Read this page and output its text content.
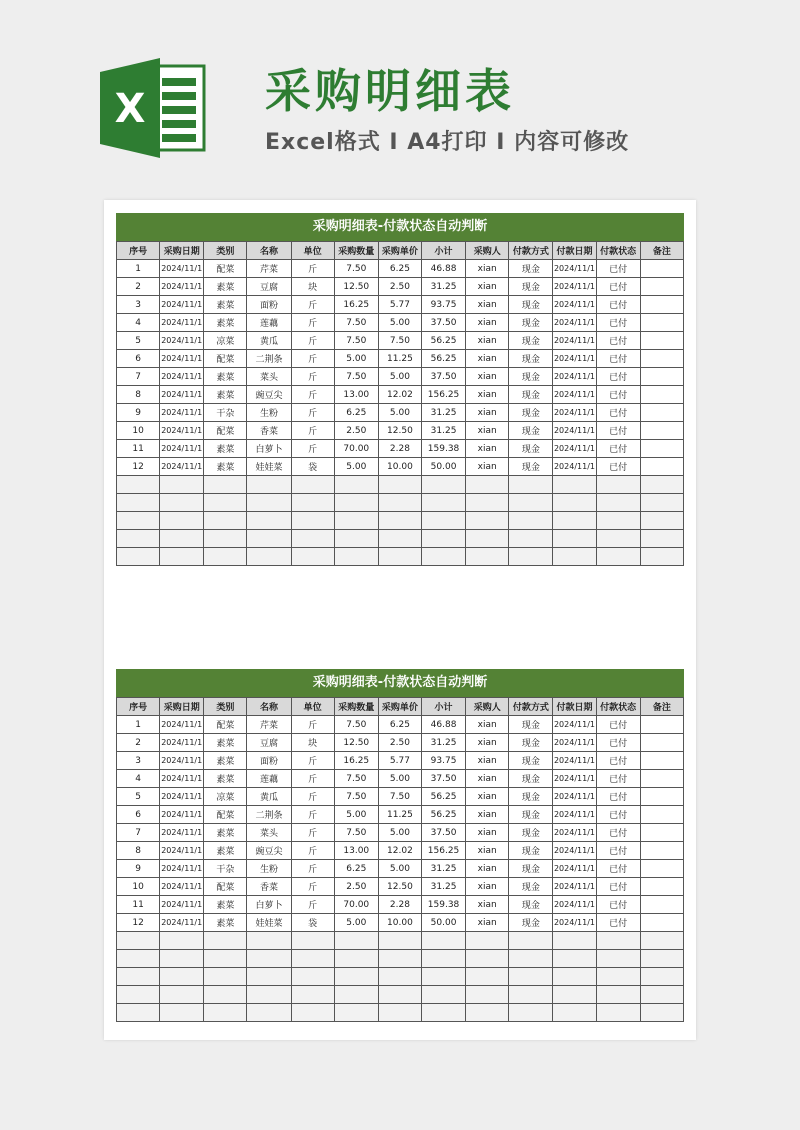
X	采购明细表
Excel格式 I A4打印 I 内容可修改
采购明细表-付款状态自动判断
序号	采购日期	类别	名称	单位	采购数量	采购单价	小计	采购人	付款方式	付款日期	付款状态	备注
1	2024/11/1	配菜	芹菜	斤	7.50	6.25	46.88	xian	现金	2024/11/1	已付	
2	2024/11/1	素菜	豆腐	块	12.50	2.50	31.25	xian	现金	2024/11/1	已付	
3	2024/11/1	素菜	面粉	斤	16.25	5.77	93.75	xian	现金	2024/11/1	已付	
4	2024/11/1	素菜	莲藕	斤	7.50	5.00	37.50	xian	现金	2024/11/1	已付	
5	2024/11/1	凉菜	黄瓜	斤	7.50	7.50	56.25	xian	现金	2024/11/1	已付	
6	2024/11/1	配菜	二荆条	斤	5.00	11.25	56.25	xian	现金	2024/11/1	已付	
7	2024/11/1	素菜	菜头	斤	7.50	5.00	37.50	xian	现金	2024/11/1	已付	
8	2024/11/1	素菜	豌豆尖	斤	13.00	12.02	156.25	xian	现金	2024/11/1	已付	
9	2024/11/1	干杂	生粉	斤	6.25	5.00	31.25	xian	现金	2024/11/1	已付	
10	2024/11/1	配菜	香菜	斤	2.50	12.50	31.25	xian	现金	2024/11/1	已付	
11	2024/11/1	素菜	白萝卜	斤	70.00	2.28	159.38	xian	现金	2024/11/1	已付	
12	2024/11/1	素菜	娃娃菜	袋	5.00	10.00	50.00	xian	现金	2024/11/1	已付	

采购明细表-付款状态自动判断
序号	采购日期	类别	名称	单位	采购数量	采购单价	小计	采购人	付款方式	付款日期	付款状态	备注
1	2024/11/1	配菜	芹菜	斤	7.50	6.25	46.88	xian	现金	2024/11/1	已付	
2	2024/11/1	素菜	豆腐	块	12.50	2.50	31.25	xian	现金	2024/11/1	已付	
3	2024/11/1	素菜	面粉	斤	16.25	5.77	93.75	xian	现金	2024/11/1	已付	
4	2024/11/1	素菜	莲藕	斤	7.50	5.00	37.50	xian	现金	2024/11/1	已付	
5	2024/11/1	凉菜	黄瓜	斤	7.50	7.50	56.25	xian	现金	2024/11/1	已付	
6	2024/11/1	配菜	二荆条	斤	5.00	11.25	56.25	xian	现金	2024/11/1	已付	
7	2024/11/1	素菜	菜头	斤	7.50	5.00	37.50	xian	现金	2024/11/1	已付	
8	2024/11/1	素菜	豌豆尖	斤	13.00	12.02	156.25	xian	现金	2024/11/1	已付	
9	2024/11/1	干杂	生粉	斤	6.25	5.00	31.25	xian	现金	2024/11/1	已付	
10	2024/11/1	配菜	香菜	斤	2.50	12.50	31.25	xian	现金	2024/11/1	已付	
11	2024/11/1	素菜	白萝卜	斤	70.00	2.28	159.38	xian	现金	2024/11/1	已付	
12	2024/11/1	素菜	娃娃菜	袋	5.00	10.00	50.00	xian	现金	2024/11/1	已付	
